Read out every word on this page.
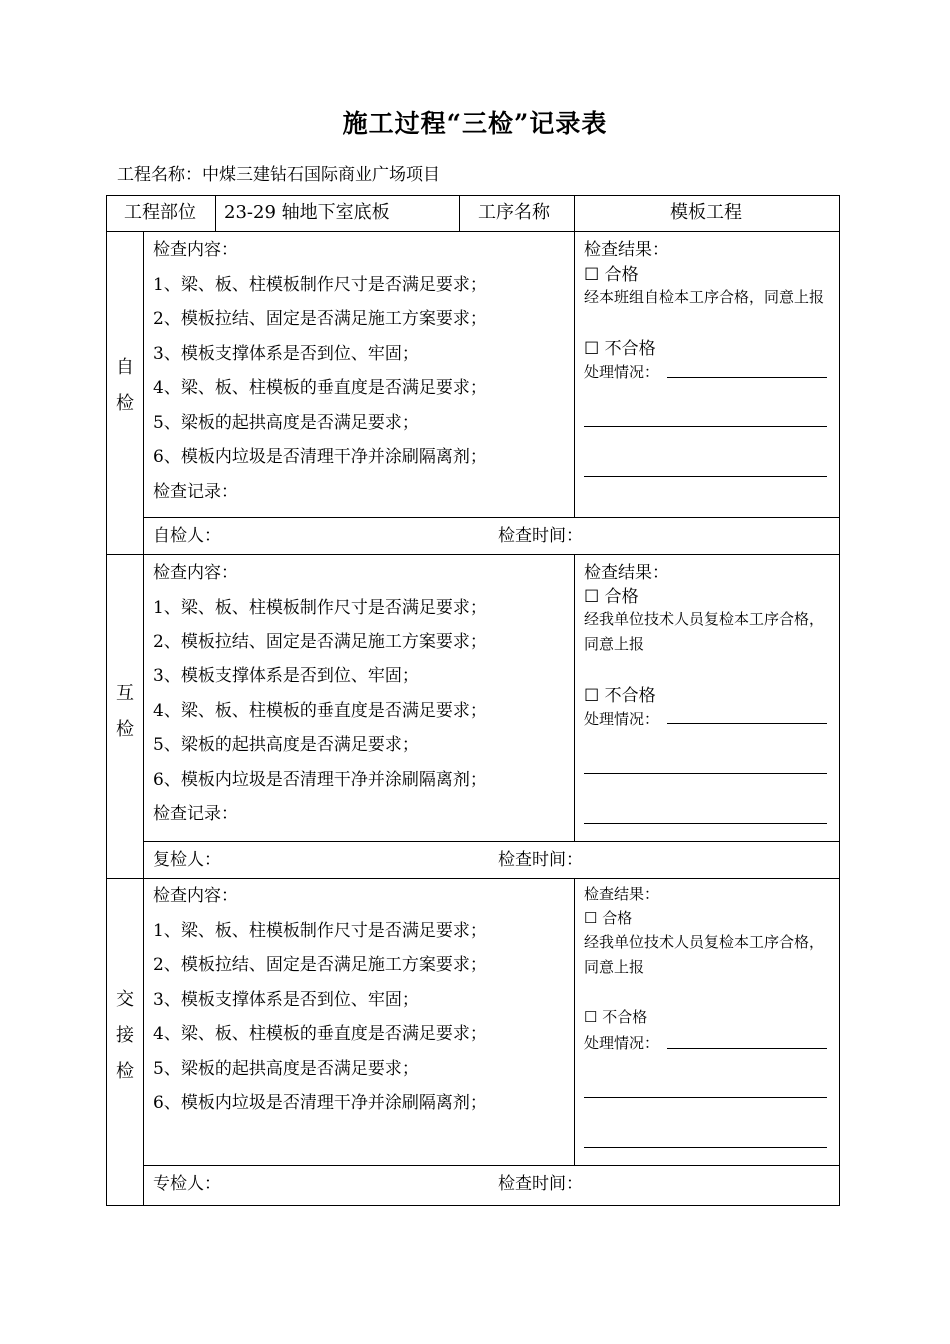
施工过程“三检”记录表
工程名称：中煤三建钻石国际商业广场项目
工程部位 23-29 轴地下室底板	工序名称	模板工程
自
检
检查内容：
1、梁、板、柱模板制作尺寸是否满足要求；
2、模板拉结、固定是否满足施工方案要求；
3、模板支撑体系是否到位、牢固；
4、梁、板、柱模板的垂直度是否满足要求；
5、梁板的起拱高度是否满足要求；
6、模板内垃圾是否清理干净并涂刷隔离剂；
检查记录：
检查结果：
☐ 合格
经本班组自检本工序合格，同意上报
☐ 不合格
处理情况：
自检人：	检查时间：
互
检
检查内容：
1、梁、板、柱模板制作尺寸是否满足要求；
2、模板拉结、固定是否满足施工方案要求；
3、模板支撑体系是否到位、牢固；
4、梁、板、柱模板的垂直度是否满足要求；
5、梁板的起拱高度是否满足要求；
6、模板内垃圾是否清理干净并涂刷隔离剂；
检查记录：
检查结果：
☐ 合格
经我单位技术人员复检本工序合格，同意上报
☐ 不合格
处理情况：
复检人：	检查时间：
交
接
检
检查内容：
1、梁、板、柱模板制作尺寸是否满足要求；
2、模板拉结、固定是否满足施工方案要求；
3、模板支撑体系是否到位、牢固；
4、梁、板、柱模板的垂直度是否满足要求；
5、梁板的起拱高度是否满足要求；
6、模板内垃圾是否清理干净并涂刷隔离剂；
检查结果：
☐ 合格
经我单位技术人员复检本工序合格，同意上报
☐ 不合格
处理情况：
专检人：	检查时间：
